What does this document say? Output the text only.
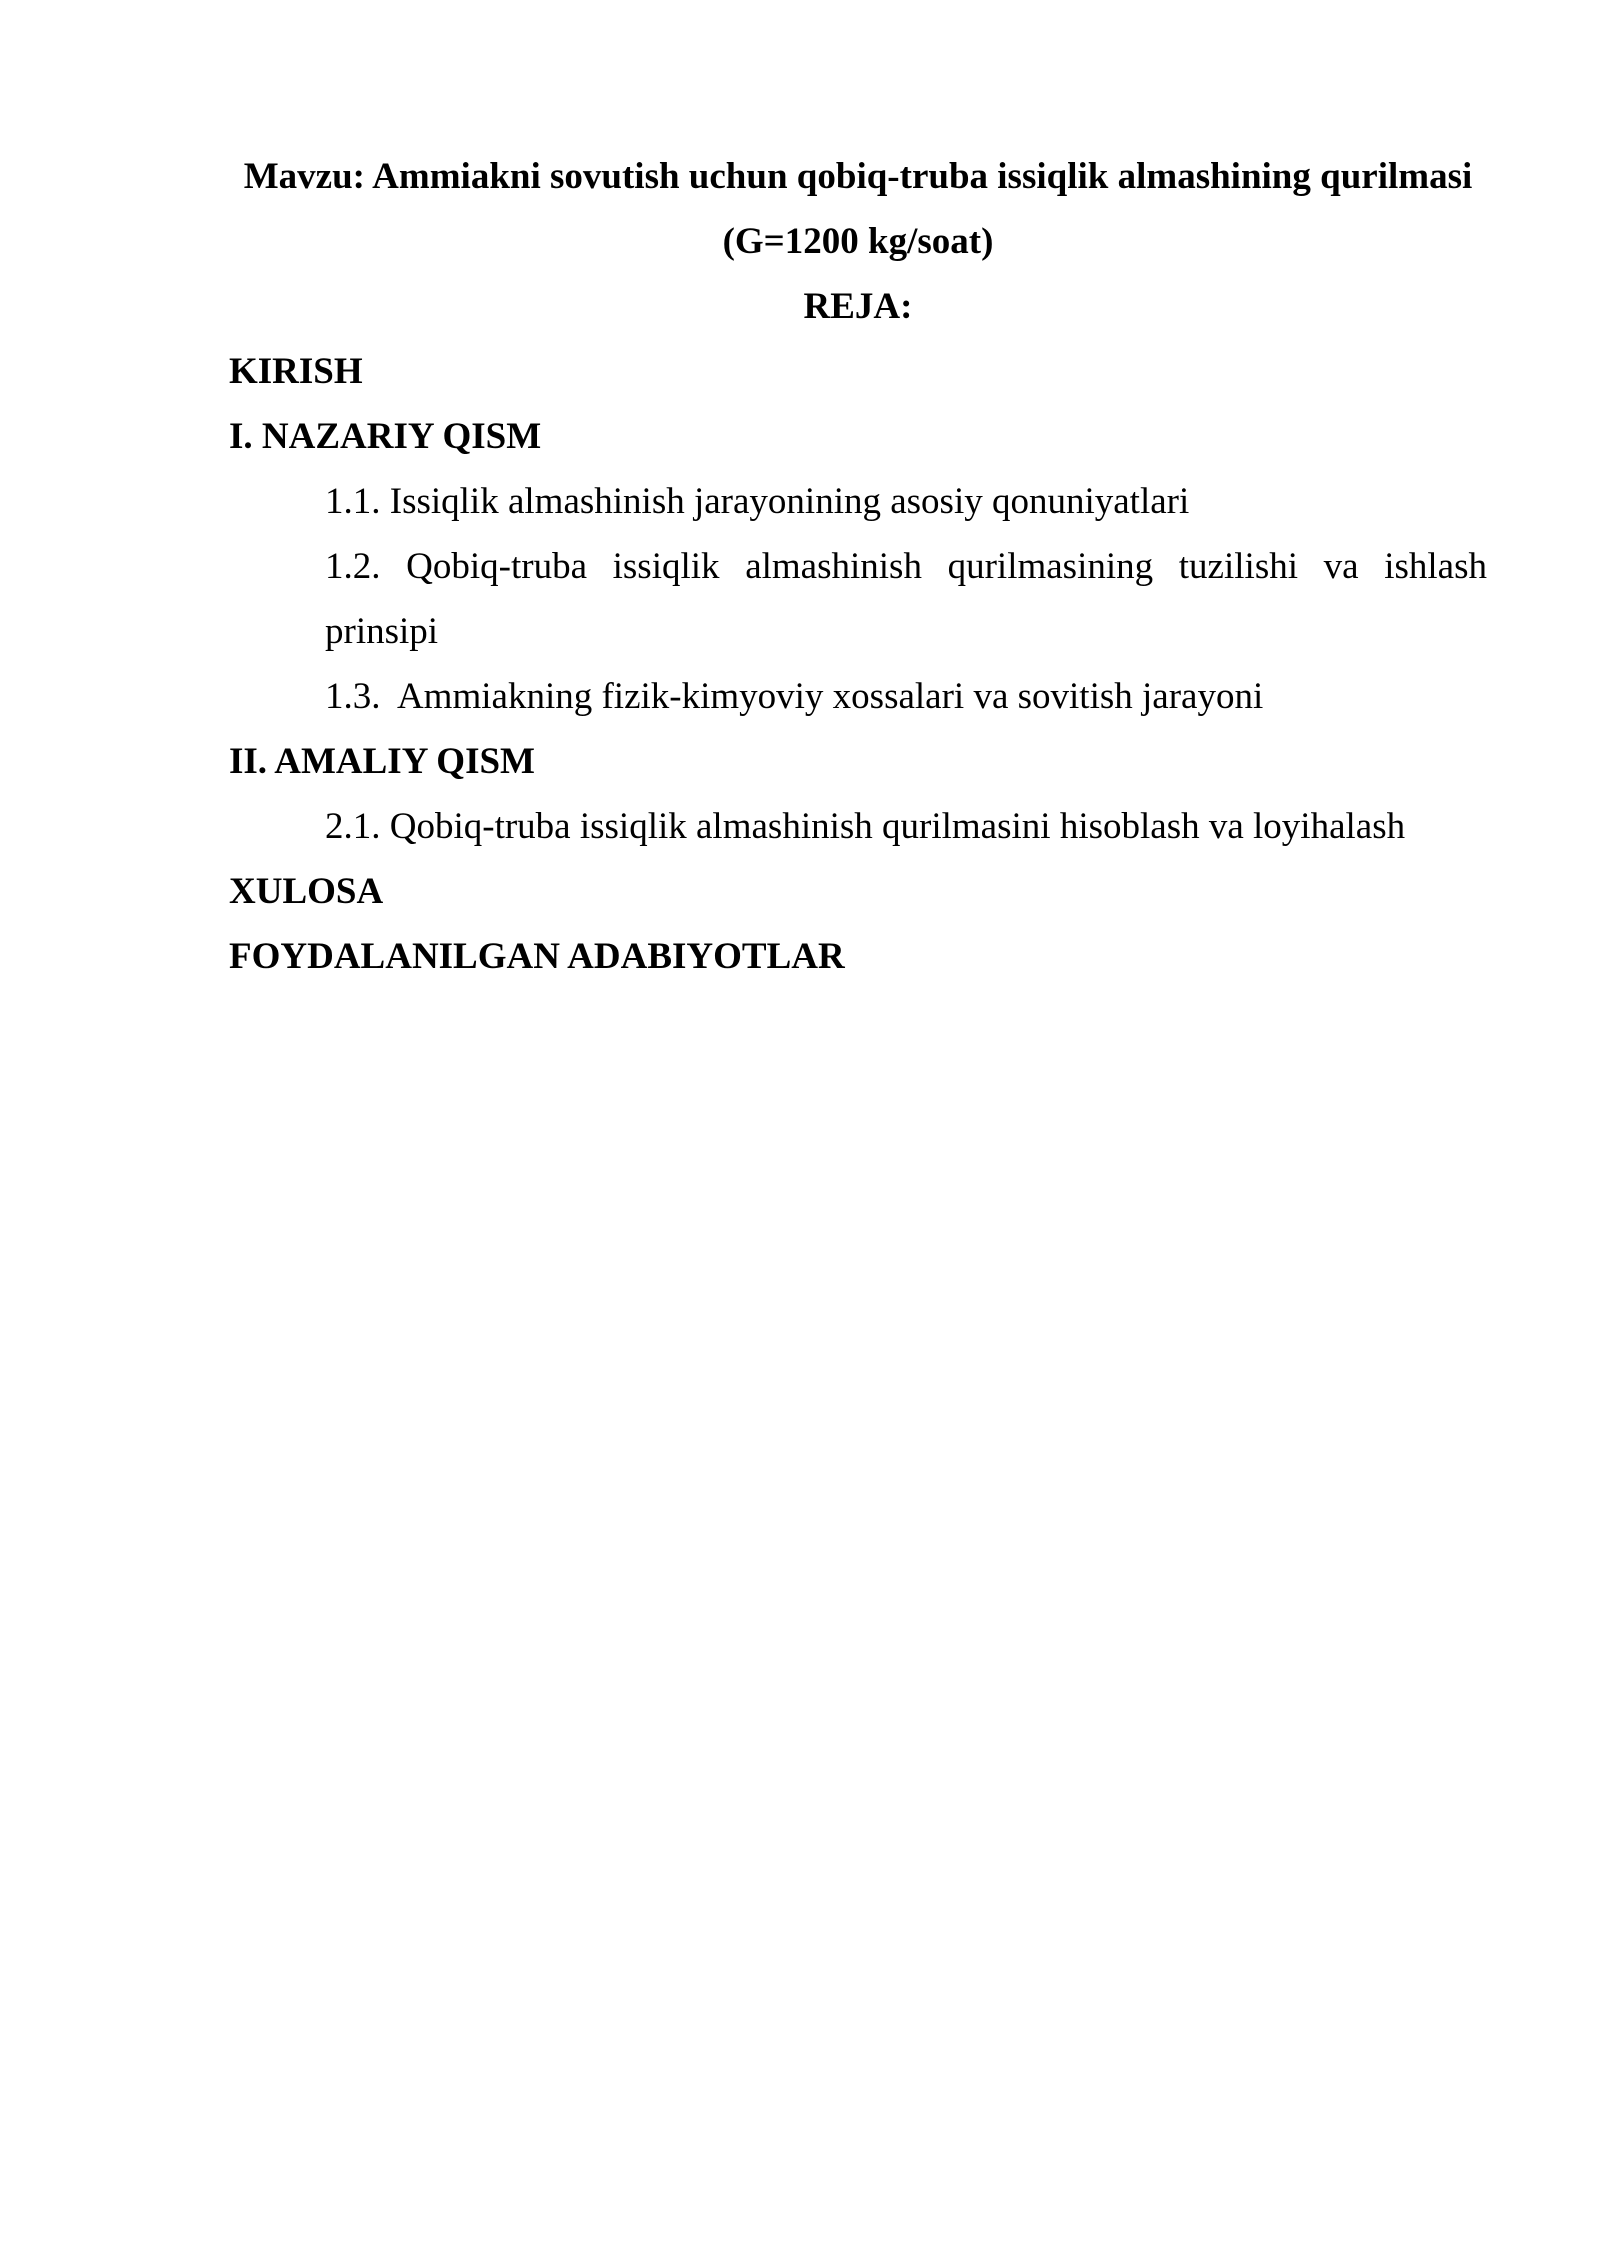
Mavzu: Ammiakni sovutish uchun qobiq-truba issiqlik almashining qurilmasi
(G=1200 kg/soat)
REJA:
KIRISH
I. NAZARIY QISM
1.1. Issiqlik almashinish jarayonining asosiy qonuniyatlari
1.2. Qobiq-truba issiqlik almashinish qurilmasining tuzilishi va ishlash
prinsipi
1.3.  Ammiakning fizik-kimyoviy xossalari va sovitish jarayoni
II. AMALIY QISM
2.1. Qobiq-truba issiqlik almashinish qurilmasini hisoblash va loyihalash
XULOSA
FOYDALANILGAN ADABIYOTLAR
